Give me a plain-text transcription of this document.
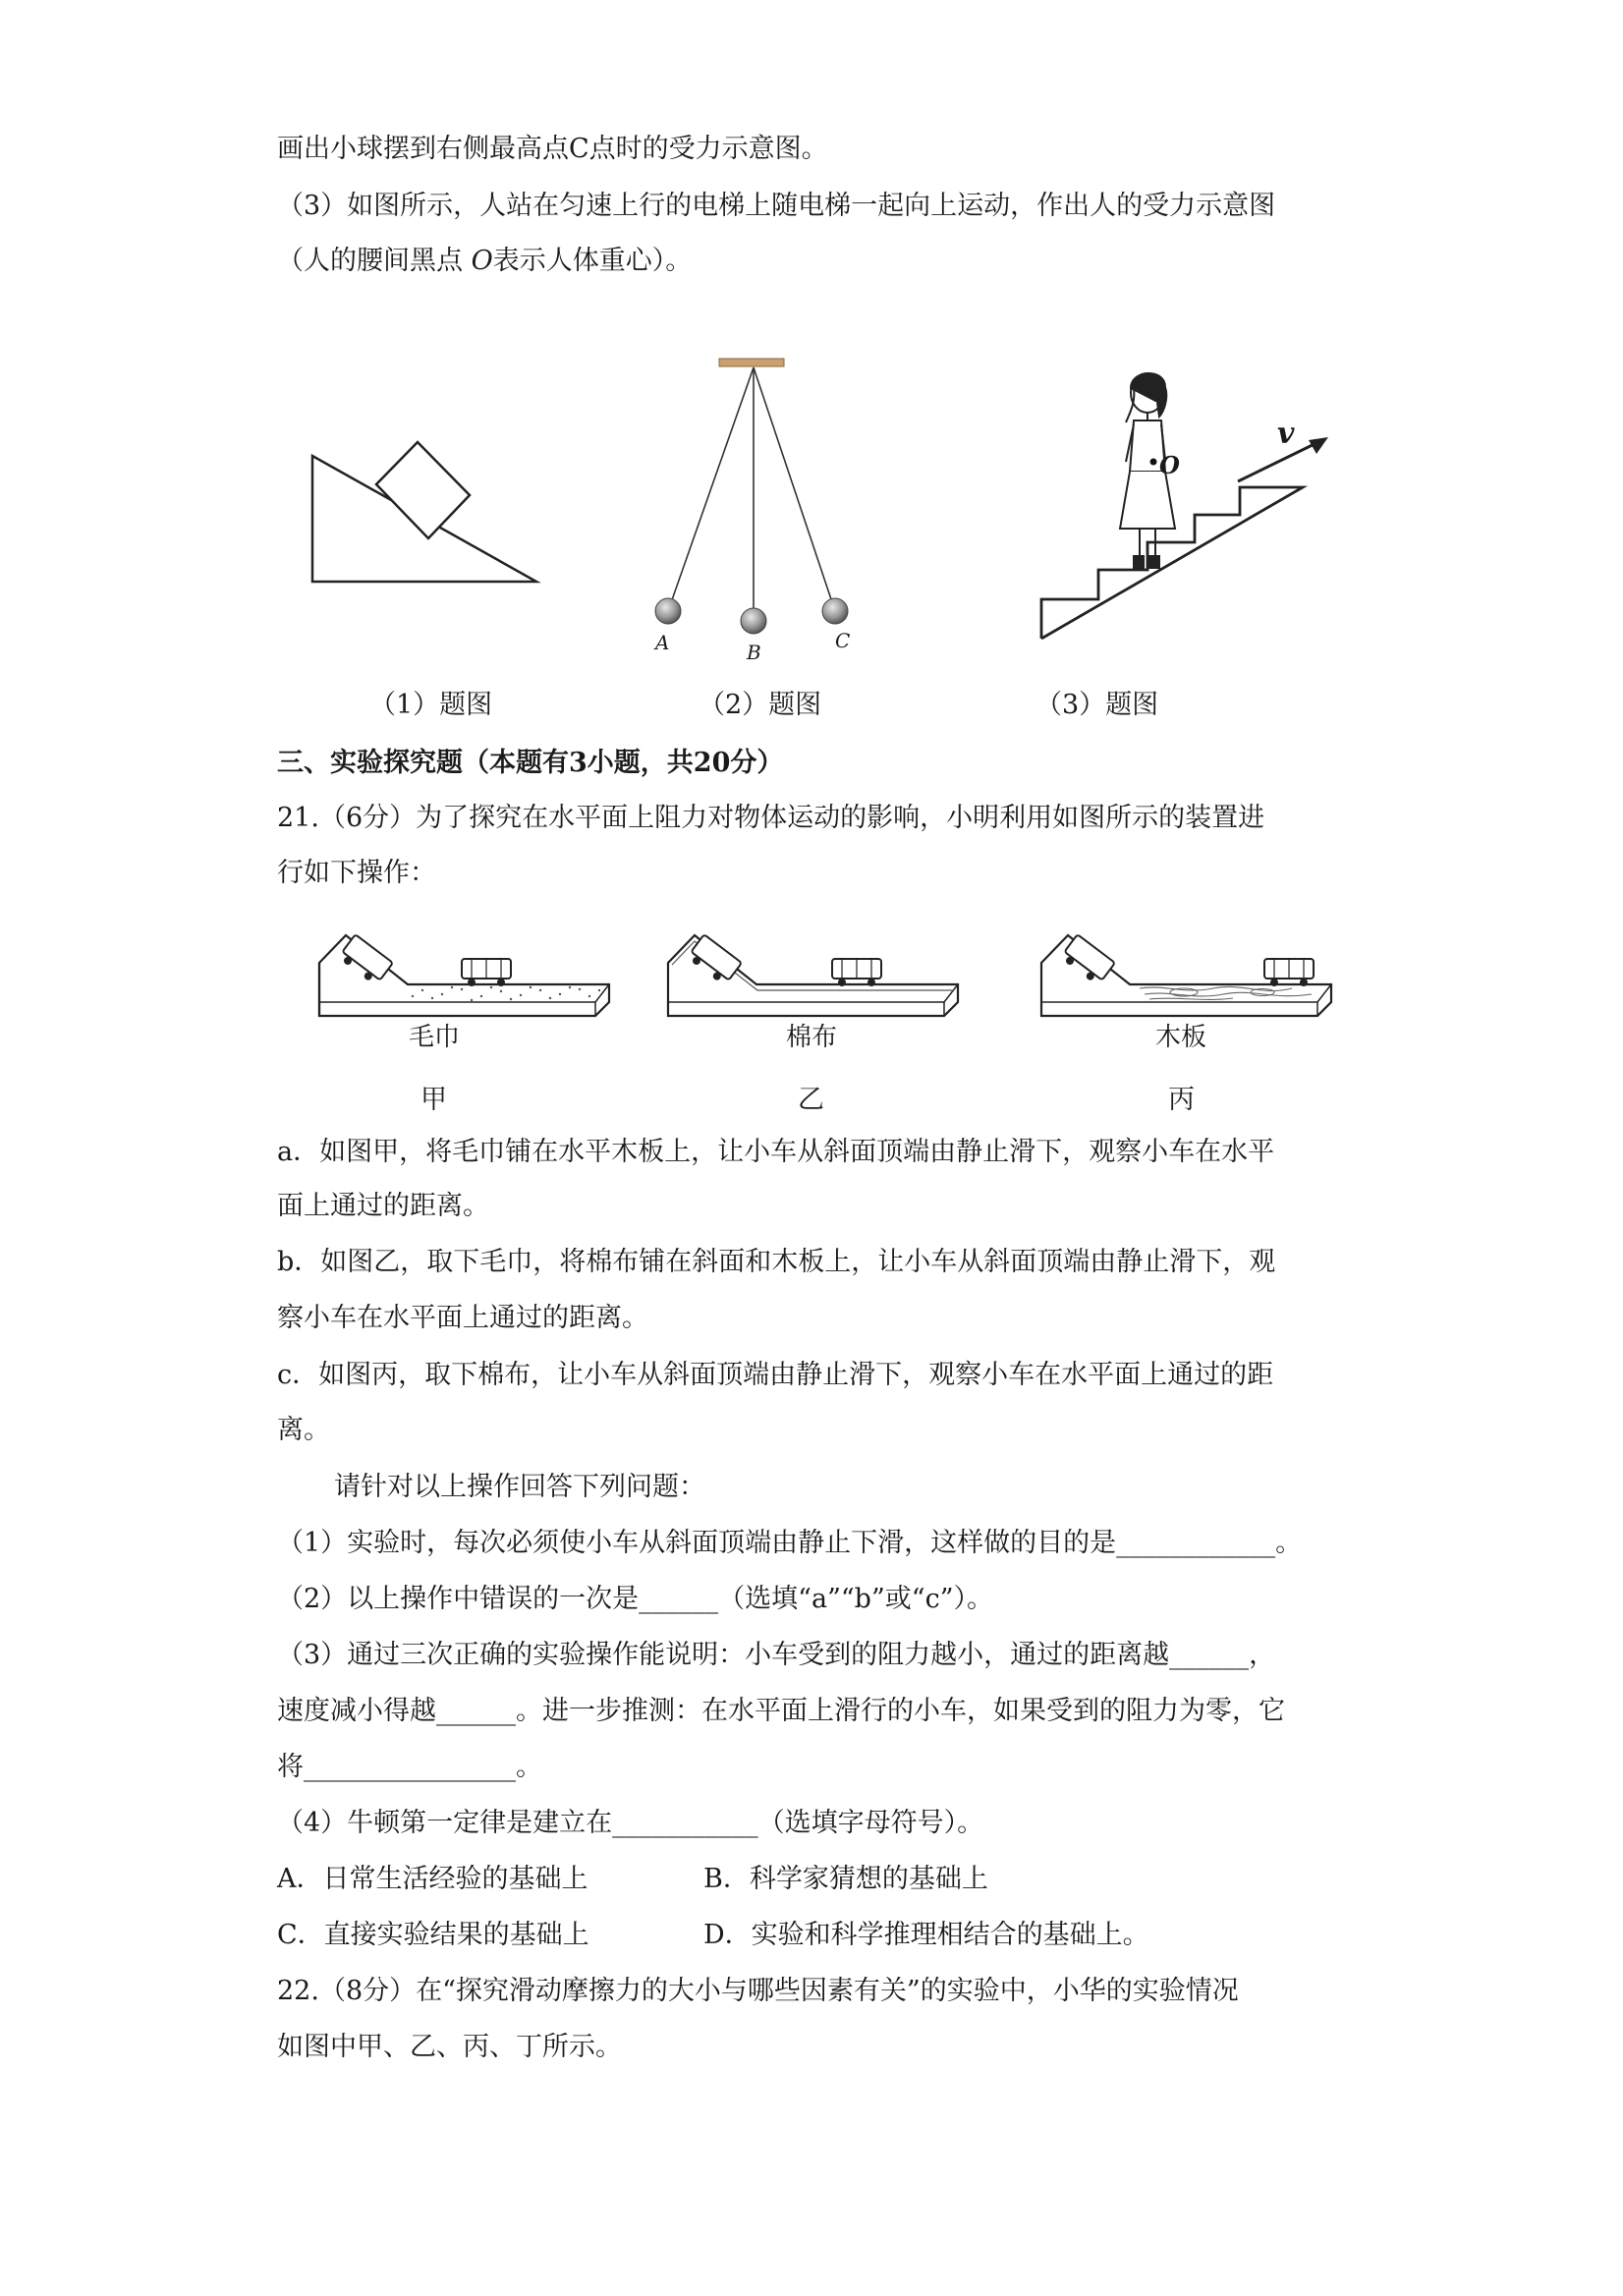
画出小球摆到右侧最高点C点时的受力示意图。
（3）如图所示，人站在匀速上行的电梯上随电梯一起向上运动，作出人的受力示意图
（人的腰间黑点 O表示人体重心）。
（1）题图
A	B	C
（2）题图
O
v
（3）题图
三、实验探究题（本题有3小题，共20分）
21.（6分）为了探究在水平面上阻力对物体运动的影响，小明利用如图所示的装置进
行如下操作：
毛巾	棉布	木板
甲	乙	丙
a．如图甲，将毛巾铺在水平木板上，让小车从斜面顶端由静止滑下，观察小车在水平
面上通过的距离。
b．如图乙，取下毛巾，将棉布铺在斜面和木板上，让小车从斜面顶端由静止滑下，观
察小车在水平面上通过的距离。
c．如图丙，取下棉布，让小车从斜面顶端由静止滑下，观察小车在水平面上通过的距
离。
请针对以上操作回答下列问题：
（1）实验时，每次必须使小车从斜面顶端由静止下滑，这样做的目的是____________。
（2）以上操作中错误的一次是______（选填“a”“b”或“c”）。
（3）通过三次正确的实验操作能说明：小车受到的阻力越小，通过的距离越______，
速度减小得越______。进一步推测：在水平面上滑行的小车，如果受到的阻力为零，它
将________________。
（4）牛顿第一定律是建立在___________（选填字母符号）。
A．日常生活经验的基础上	B．科学家猜想的基础上
C．直接实验结果的基础上	D．实验和科学推理相结合的基础上。
22.（8分）在“探究滑动摩擦力的大小与哪些因素有关”的实验中，小华的实验情况
如图中甲、乙、丙、丁所示。
